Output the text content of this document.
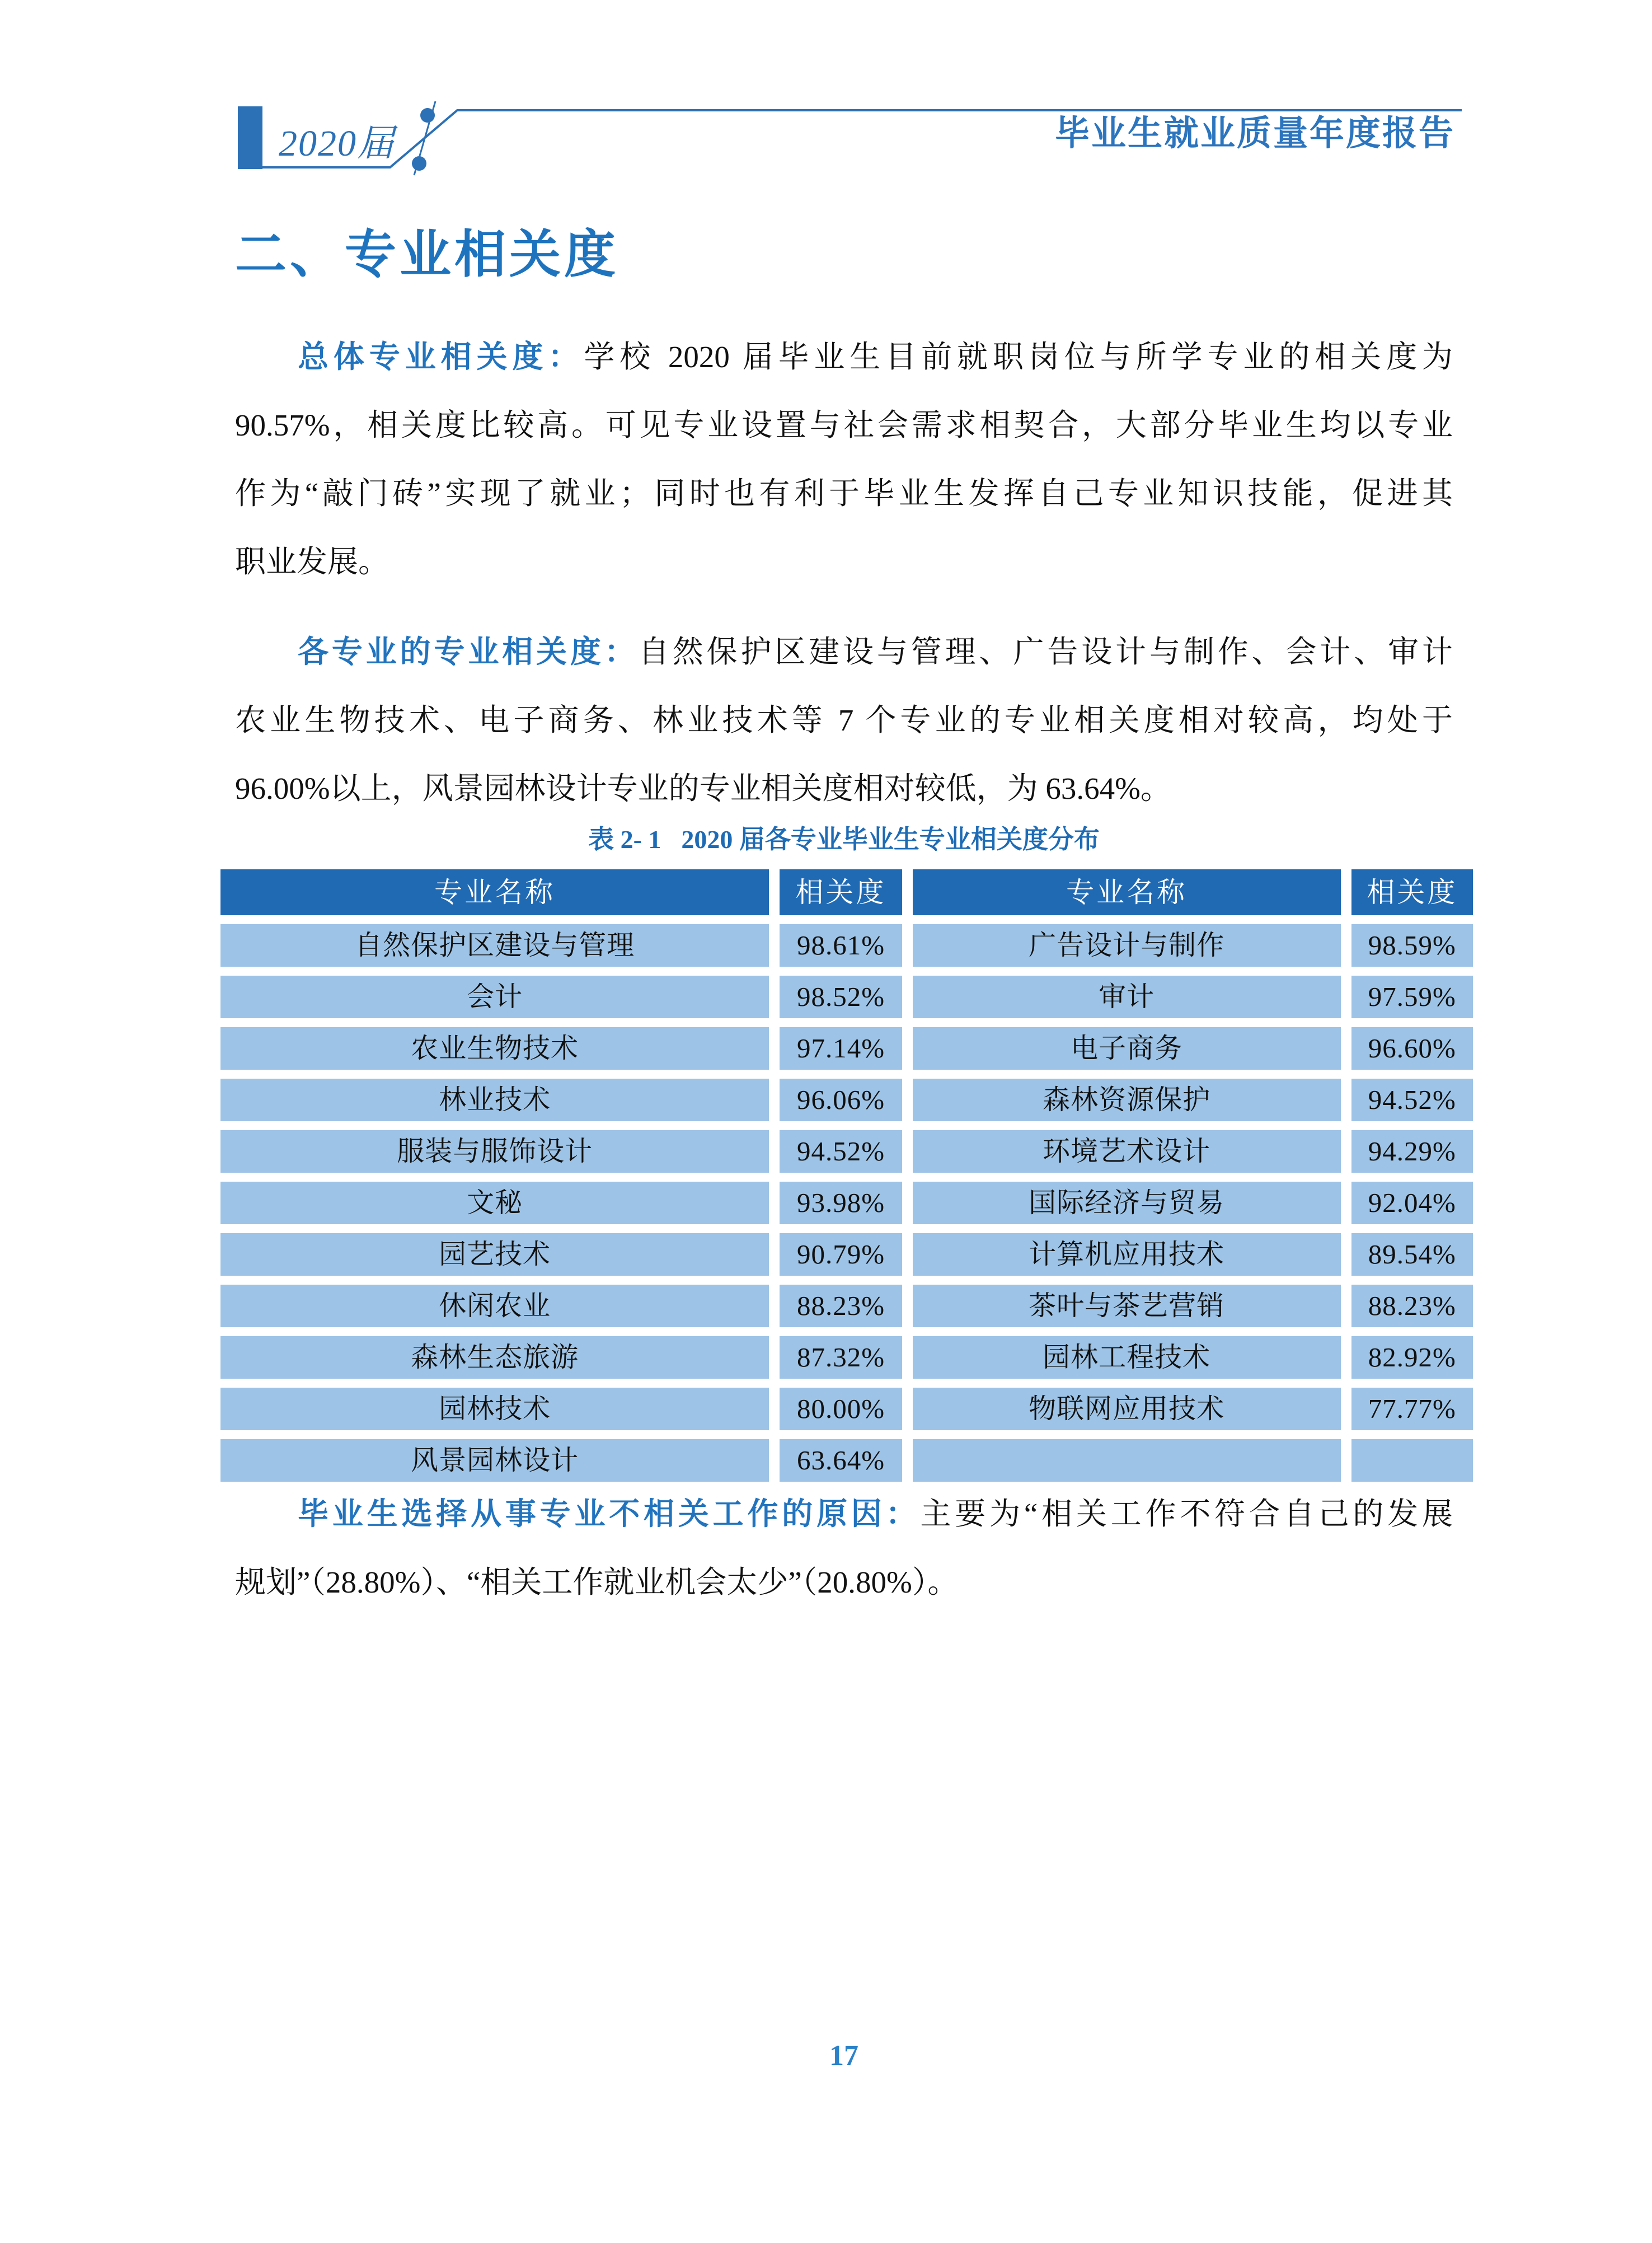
2020届	毕业生就业质量年度报告
二、专业相关度
总体专业相关度：学校 2020 届毕业生目前就职岗位与所学专业的相关度为
90.57%，相关度比较高。可见专业设置与社会需求相契合，大部分毕业生均以专业
作为“敲门砖”实现了就业；同时也有利于毕业生发挥自己专业知识技能，促进其
职业发展。
各专业的专业相关度：自然保护区建设与管理、广告设计与制作、会计、审计
农业生物技术、电子商务、林业技术等 7 个专业的专业相关度相对较高，均处于
96.00%以上，风景园林设计专业的专业相关度相对较低，为 63.64%。
毕业生选择从事专业不相关工作的原因：主要为“相关工作不符合自己的发展
规划”（28.80%）、“相关工作就业机会太少”（20.80%）。
表 2- 1 2020 届各专业毕业生专业相关度分布
专业名称	相关度	专业名称	相关度
自然保护区建设与管理	98.61%	广告设计与制作	98.59%
会计	98.52%	审计	97.59%
农业生物技术	97.14%	电子商务	96.60%
林业技术	96.06%	森林资源保护	94.52%
服装与服饰设计	94.52%	环境艺术设计	94.29%
文秘	93.98%	国际经济与贸易	92.04%
园艺技术	90.79%	计算机应用技术	89.54%
休闲农业	88.23%	茶叶与茶艺营销	88.23%
森林生态旅游	87.32%	园林工程技术	82.92%
园林技术	80.00%	物联网应用技术	77.77%
风景园林设计	63.64%
17
